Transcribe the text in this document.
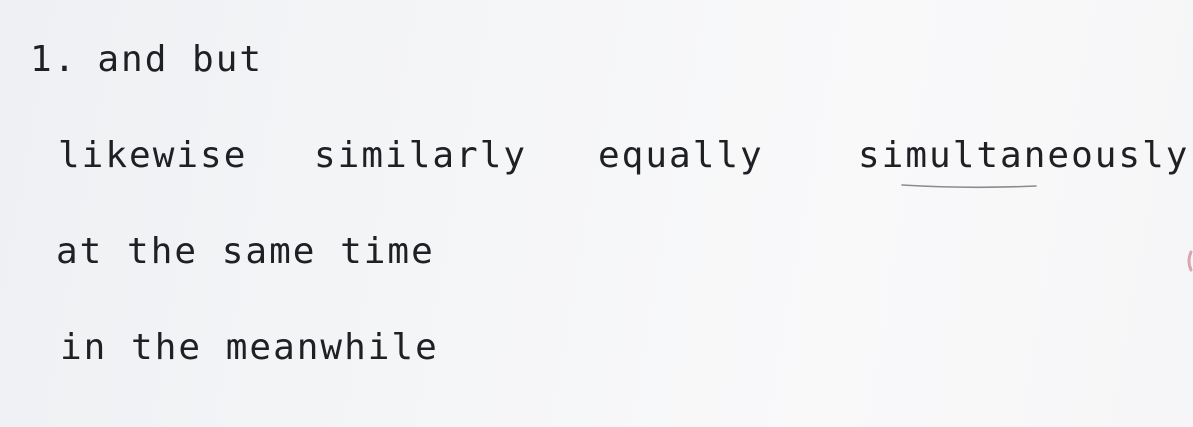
1. and but
likewise similarly equally	simultaneously
at the same time
in the meanwhile
